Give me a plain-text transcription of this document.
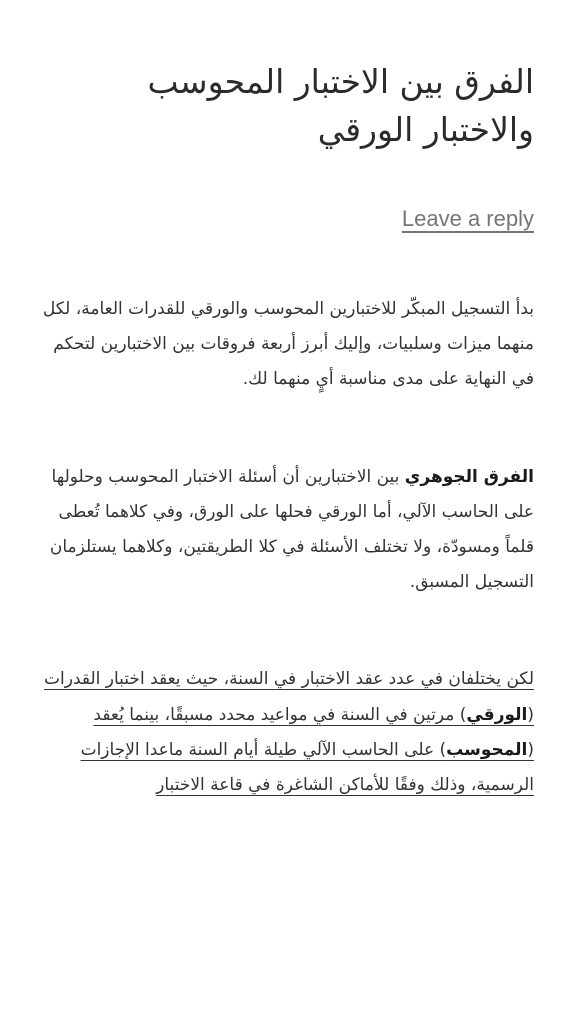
الفرق بين الاختبار المحوسب والاختبار الورقي
Leave a reply

بدأ التسجيل المبكّر للاختبارين المحوسب والورقي للقدرات العامة، لكل منهما ميزات وسلبيات، وإليك أبرز أربعة فروقات بين الاختبارين لتحكم في النهاية على مدى مناسبة أيٍ منهما لك.

الفرق الجوهري بين الاختبارين أن أسئلة الاختبار المحوسب وحلولها على الحاسب الآلي، أما الورقي فحلها على الورق، وفي كلاهما تُعطى قلماً ومسودّة، ولا تختلف الأسئلة في كلا الطريقتين، وكلاهما يستلزمان التسجيل المسبق.

لكن يختلفان في عدد عقد الاختبار في السنة، حيث يعقد اختبار القدرات (الورقي) مرتين في السنة في مواعيد محدد مسبقًا، بينما يُعقد (المحوسب) على الحاسب الآلي طيلة أيام السنة ماعدا الإجازات الرسمية، وذلك وفقًا للأماكن الشاغرة في قاعة الاختبار
